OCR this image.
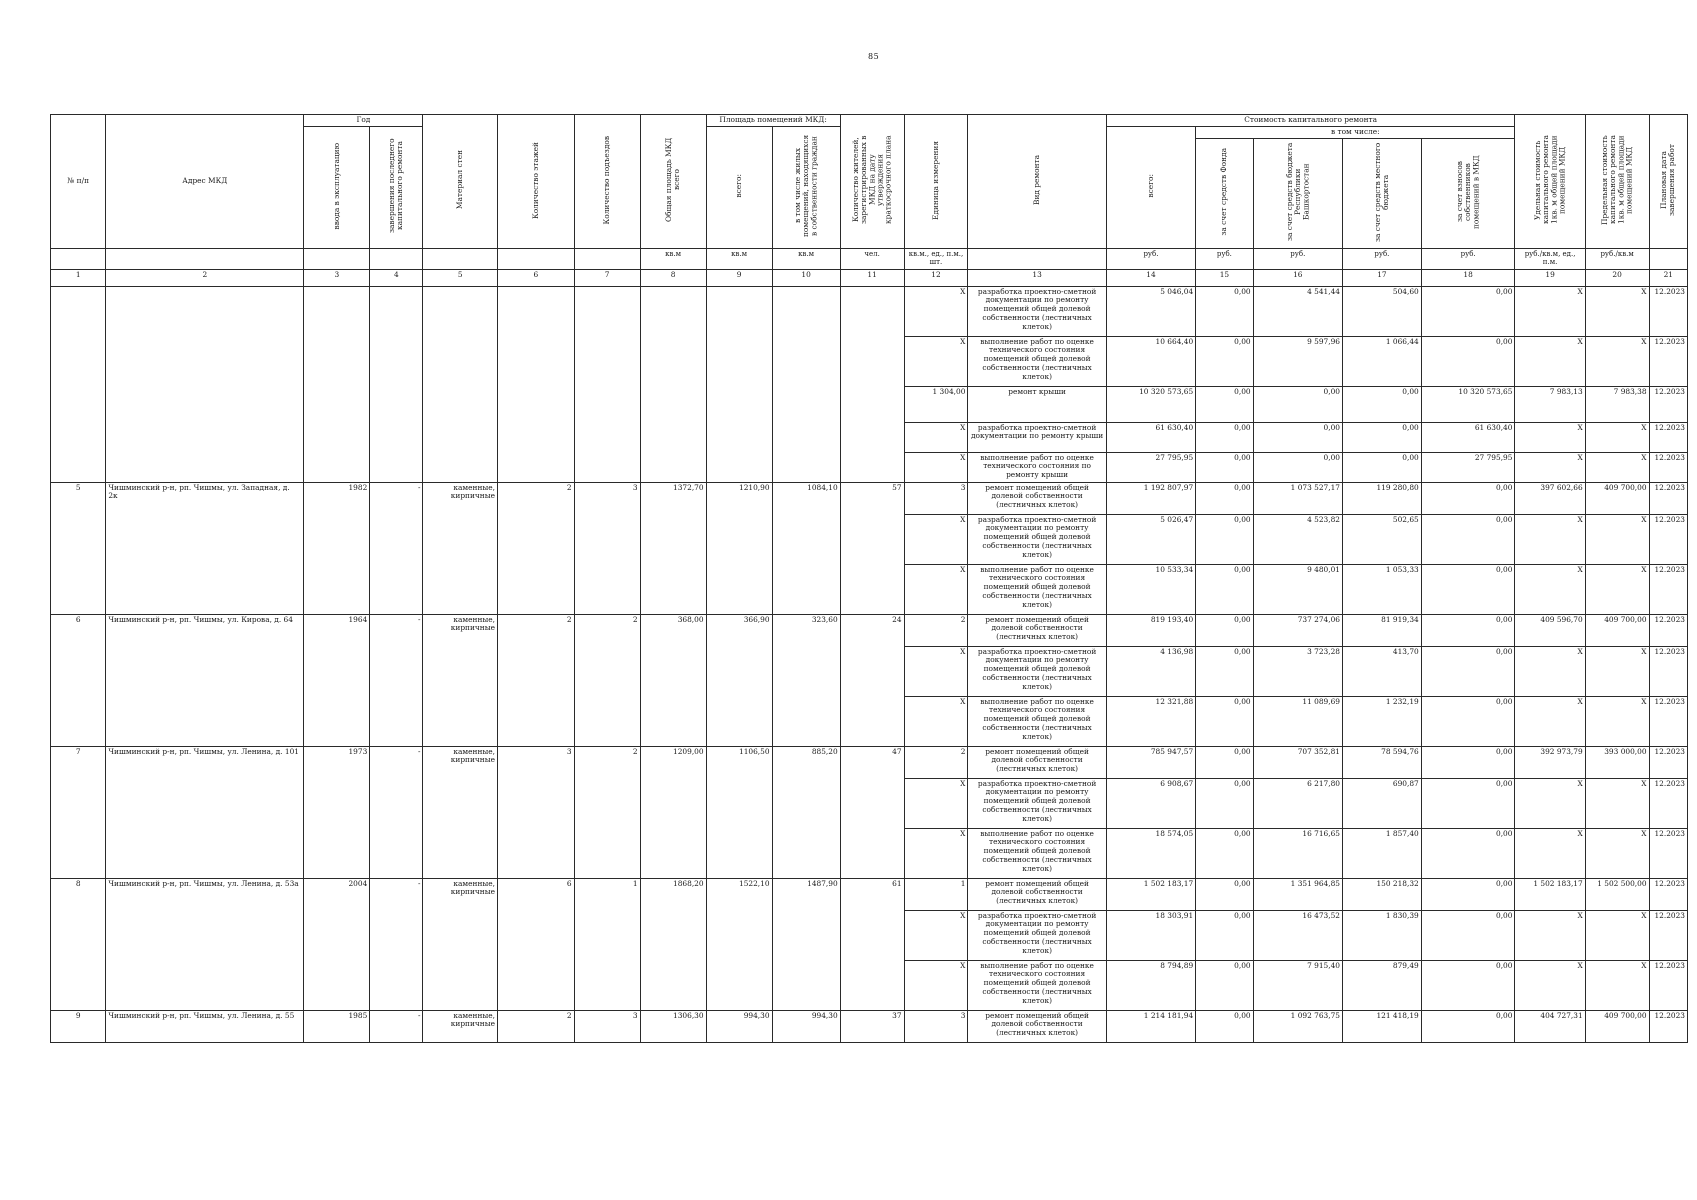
85
№ п/п	Адрес МКД	Год		Материал стен	Количество этажей	Количество подъездов	Общая площадь МКД всего	Площадь помещений МКД:		Количество жителей, зарегистрированных в МКД на дату утверждения краткосрочного плана	Единица измерения	Вид ремонта	Стоимость капитального ремонта					Удельная стоимость капитального ремонта 1кв. м общей площади помещений МКД	Предельная стоимость капитального ремонта 1кв. м общей площади помещений МКД	Плановая дата завершения работ
		ввода в эксплуатацию	завершения последнего капитального ремонта					всего:	в том числе жилых помещений, находящихся в собственности граждан				всего:	в том числе:						
														за счет средств Фонда	за счет средств бюджета Республики Башкортостан	за счет средств местного бюджета	за счет взносов собственников помещений в МКД			
							кв.м	кв.м	кв.м	чел.	кв.м., ед., п.м., шт.		руб.	руб.	руб.	руб.	руб.	руб./кв.м, ед., п.м.	руб./кв.м	
1	2	3	4	5	6	7	8	9	10	11	12	13	14	15	16	17	18	19	20	21
											X	разработка проектно-сметной документации по ремонту помещений общей долевой собственности (лестничных клеток)	5 046,04	0,00	4 541,44	504,60	0,00	X	X	12.2023
											X	выполнение работ по оценке технического состояния помещений общей долевой собственности (лестничных клеток)	10 664,40	0,00	9 597,96	1 066,44	0,00	X	X	12.2023
											1 304,00	ремонт крыши	10 320 573,65	0,00	0,00	0,00	10 320 573,65	7 983,13	7 983,38	12.2023
											X	разработка проектно-сметной документации по ремонту крыши	61 630,40	0,00	0,00	0,00	61 630,40	X	X	12.2023
											X	выполнение работ по оценке технического состояния по ремонту крыши	27 795,95	0,00	0,00	0,00	27 795,95	X	X	12.2023
5	Чишминский р-н, рп. Чишмы, ул. Западная, д. 2к	1982	-	каменные, кирпичные	2	3	1372,70	1210,90	1084,10	57	3	ремонт помещений общей долевой собственности (лестничных клеток)	1 192 807,97	0,00	1 073 527,17	119 280,80	0,00	397 602,66	409 700,00	12.2023
											X	разработка проектно-сметной документации по ремонту помещений общей долевой собственности (лестничных клеток)	5 026,47	0,00	4 523,82	502,65	0,00	X	X	12.2023
											X	выполнение работ по оценке технического состояния помещений общей долевой собственности (лестничных клеток)	10 533,34	0,00	9 480,01	1 053,33	0,00	X	X	12.2023
6	Чишминский р-н, рп. Чишмы, ул. Кирова, д. 64	1964	-	каменные, кирпичные	2	2	368,00	366,90	323,60	24	2	ремонт помещений общей долевой собственности (лестничных клеток)	819 193,40	0,00	737 274,06	81 919,34	0,00	409 596,70	409 700,00	12.2023
											X	разработка проектно-сметной документации по ремонту помещений общей долевой собственности (лестничных клеток)	4 136,98	0,00	3 723,28	413,70	0,00	X	X	12.2023
											X	выполнение работ по оценке технического состояния помещений общей долевой собственности (лестничных клеток)	12 321,88	0,00	11 089,69	1 232,19	0,00	X	X	12.2023
7	Чишминский р-н, рп. Чишмы, ул. Ленина, д. 101	1973	-	каменные, кирпичные	3	2	1209,00	1106,50	885,20	47	2	ремонт помещений общей долевой собственности (лестничных клеток)	785 947,57	0,00	707 352,81	78 594,76	0,00	392 973,79	393 000,00	12.2023
											X	разработка проектно-сметной документации по ремонту помещений общей долевой собственности (лестничных клеток)	6 908,67	0,00	6 217,80	690,87	0,00	X	X	12.2023
											X	выполнение работ по оценке технического состояния помещений общей долевой собственности (лестничных клеток)	18 574,05	0,00	16 716,65	1 857,40	0,00	X	X	12.2023
8	Чишминский р-н, рп. Чишмы, ул. Ленина, д. 53а	2004	-	каменные, кирпичные	6	1	1868,20	1522,10	1487,90	61	1	ремонт помещений общей долевой собственности (лестничных клеток)	1 502 183,17	0,00	1 351 964,85	150 218,32	0,00	1 502 183,17	1 502 500,00	12.2023
											X	разработка проектно-сметной документации по ремонту помещений общей долевой собственности (лестничных клеток)	18 303,91	0,00	16 473,52	1 830,39	0,00	X	X	12.2023
											X	выполнение работ по оценке технического состояния помещений общей долевой собственности (лестничных клеток)	8 794,89	0,00	7 915,40	879,49	0,00	X	X	12.2023
9	Чишминский р-н, рп. Чишмы, ул. Ленина, д. 55	1985	-	каменные, кирпичные	2	3	1306,30	994,30	994,30	37	3	ремонт помещений общей долевой собственности (лестничных клеток)	1 214 181,94	0,00	1 092 763,75	121 418,19	0,00	404 727,31	409 700,00	12.2023
